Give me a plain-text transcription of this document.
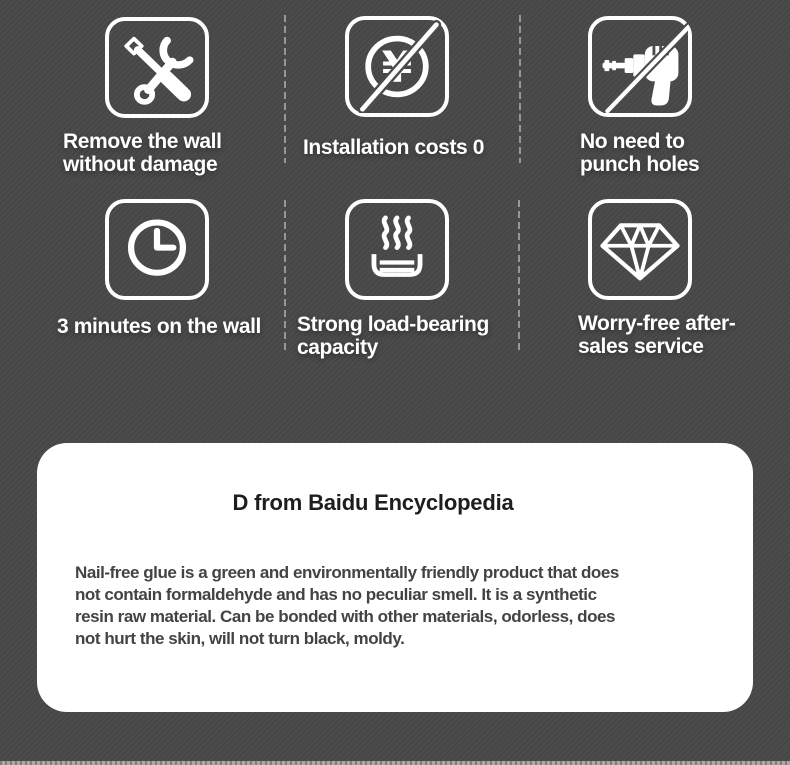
Remove the wall
without damage
¥
Installation costs 0	No need to
punch holes
3 minutes on the wall Strong load-bearing
capacity
Worry-free after-
sales service
D from Baidu Encyclopedia
Nail-free glue is a green and environmentally friendly product that does
not contain formaldehyde and has no peculiar smell. It is a synthetic
resin raw material. Can be bonded with other materials, odorless, does
not hurt the skin, will not turn black, moldy.
